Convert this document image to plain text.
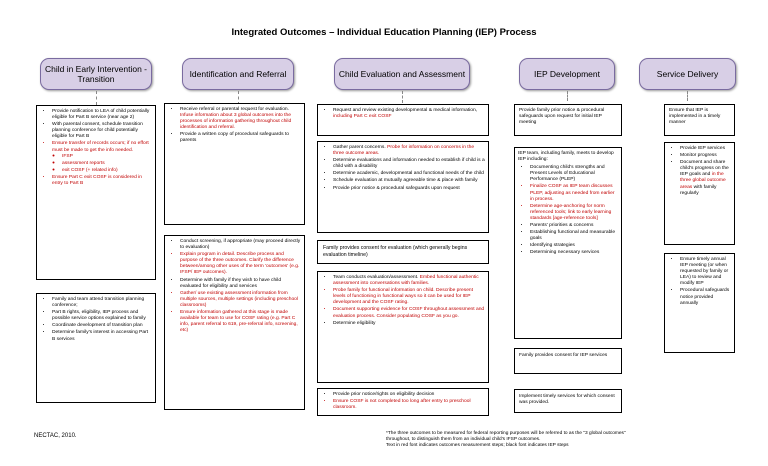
Integrated Outcomes – Individual Education Planning (IEP) Process
Child in Early Intervention - Transition	Identification and Referral	Child Evaluation and Assessment	IEP Development	Service Delivery
• Provide notification to LEA of child potentially eligible for Part B service (near age 2)
• With parental consent, schedule transition planning conference for child potentially eligible for Part B
• Ensure transfer of records occurs; if no effort must be made to get the info needed.
◦ IFSP
◦ assessment reports
◦ exit COSF (+ related info)
• Ensure Part C exit COSF is considered in entry to Part B
• Family and team attend transition planning conference;
• Part B rights, eligibility, IEP process and possible service options explained to family
• Coordinate development of transition plan
• Determine family's interest in accessing Part B services
• Receive referral or parental request for evaluation. Infuse information about 3 global outcomes into the processes of information gathering throughout child identification and referral.
• Provide a written copy of procedural safeguards to parents
• Conduct screening, if appropriate (may proceed directly to evaluation)
• Explain program in detail. Describe process and purpose of the three outcomes. Clarify the difference between/among other uses of the term 'outcomes' (e.g. IFSP/ IEP outcomes).
• Determine with family if they wish to have child evaluated for eligibility and services
• Gather/ use existing assessment information from multiple sources, multiple settings (including preschool classrooms)
• Ensure information gathered at this stage is made available for team to use for COSF rating (e.g. Part C info, parent referral to 619, pre-referral info, screening, etc)
• Request and review existing developmental & medical information, including Part C exit COSF
• Gather parent concerns. Probe for information on concerns in the three outcome areas.
• Determine evaluations and information needed to establish if child is a child with a disability
• Determine academic, developmental and functional needs of the child
• Schedule evaluation at mutually agreeable time & place with family
• Provide prior notice & procedural safeguards upon request

Family provides consent for evaluation (which generally begins evaluation timeline)

• Team conducts evaluation/assessment. Embed functional authentic assessment into conversations with families.
• Probe family for functional information on child. Describe present levels of functioning in functional ways so it can be used for IEP development and the COSF rating.
• Document supporting evidence for COSF throughout assessment and evaluation process. Consider populating COSF as you go.
• Determine eligibility
• Provide prior notice/rights on eligibility decision
• Ensure COSF is not completed too long after entry to preschool classroom.

Provide family prior notice & procedural safeguards upon request for initial IEP meeting

IEP team, including family, meets to develop IEP including:

• Documenting child's strengths and Present Levels of Educational Performance (PLEP)
• Finalize COSF as IEP team discusses PLEP, adjusting as needed from earlier in process.
• Determine age-anchoring for norm referenced tools; link to early learning standards [age-reference tools]
• Parents' priorities & concerns
• Establishing functional and measurable goals
• Identifying strategies
• Determining necessary services

Family provides consent for IEP services

Implement timely services for which consent was provided.

Ensure that IEP is implemented in a timely manner

• Provide IEP services
• Monitor progress
• Document and share child's progress on the IEP goals and in the three global outcome areas with family regularly
• Ensure timely annual IEP meeting (or when requested by family or LEA) to review and modify IEP
• Procedural safeguards notice provided annually
NECTAC, 2010.	*The three outcomes to be measured for federal reporting purposes will be referred to as the "3 global outcomes"
throughout, to distinguish them from an individual child's IFSP outcomes.
Text in red font indicates outcomes measurement steps; black font indicates IEP steps
